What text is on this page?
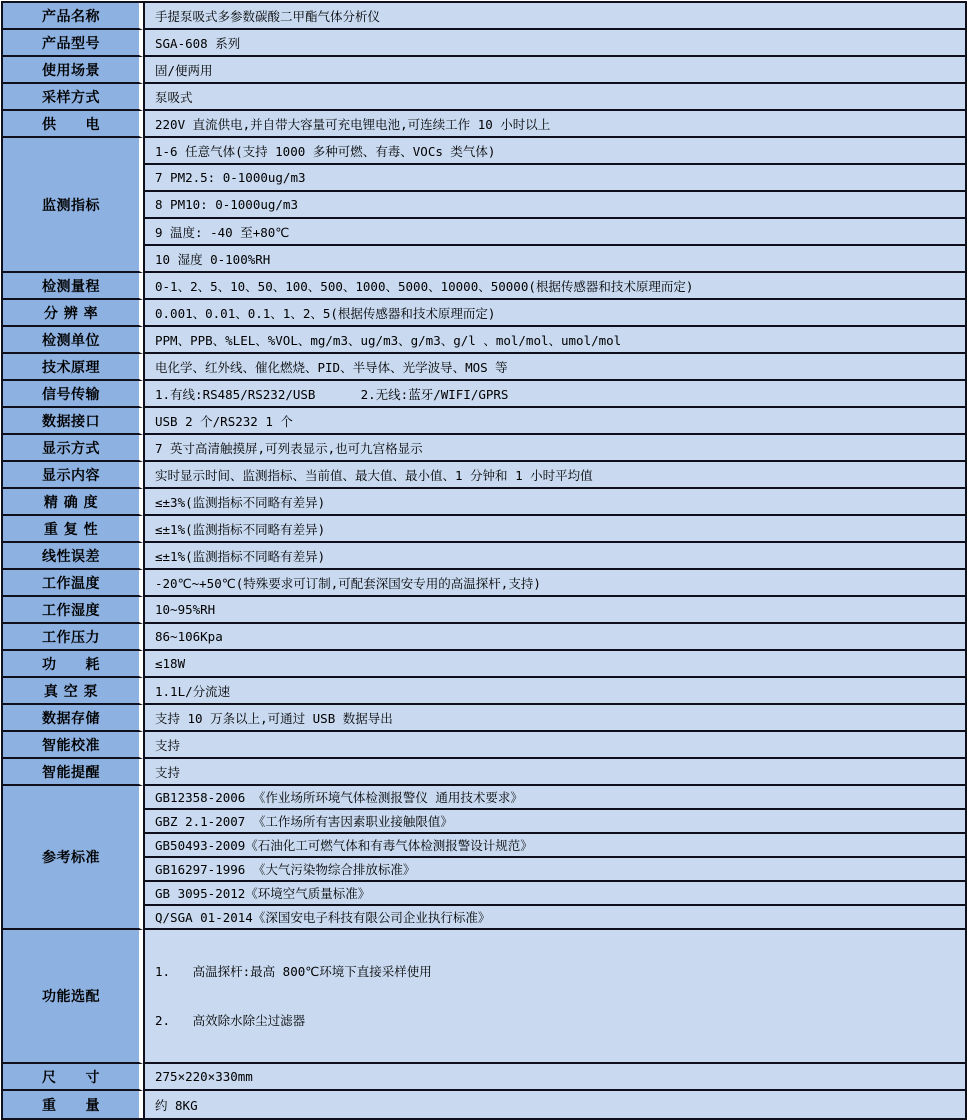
产品名称	手提泵吸式多参数碳酸二甲酯气体分析仪
产品型号	SGA-608 系列
使用场景	固/便两用
采样方式	泵吸式
供　　电	220V 直流供电,并自带大容量可充电锂电池,可连续工作 10 小时以上
监测指标	1-6 任意气体(支持 1000 多种可燃、有毒、VOCs 类气体)
	7 PM2.5: 0-1000ug/m3
	8 PM10: 0-1000ug/m3
	9 温度: -40 至+80℃
	10 湿度 0-100%RH
检测量程	0-1、2、5、10、50、100、500、1000、5000、10000、50000(根据传感器和技术原理而定)
分 辨 率	0.001、0.01、0.1、1、2、5(根据传感器和技术原理而定)
检测单位	PPM、PPB、%LEL、%VOL、mg/m3、ug/m3、g/m3、g/l 、mol/mol、umol/mol
技术原理	电化学、红外线、催化燃烧、PID、半导体、光学波导、MOS 等
信号传输	1.有线:RS485/RS232/USB      2.无线:蓝牙/WIFI/GPRS
数据接口	USB 2 个/RS232 1 个
显示方式	7 英寸高清触摸屏,可列表显示,也可九宫格显示
显示内容	实时显示时间、监测指标、当前值、最大值、最小值、1 分钟和 1 小时平均值
精 确 度	≤±3%(监测指标不同略有差异)
重 复 性	≤±1%(监测指标不同略有差异)
线性误差	≤±1%(监测指标不同略有差异)
工作温度	-20℃~+50℃(特殊要求可订制,可配套深国安专用的高温探杆,支持)
工作湿度	10~95%RH
工作压力	86~106Kpa
功　　耗	≤18W
真 空 泵	1.1L/分流速
数据存储	支持 10 万条以上,可通过 USB 数据导出
智能校准	支持
智能提醒	支持
参考标准	GB12358-2006 《作业场所环境气体检测报警仪 通用技术要求》
	GBZ 2.1-2007 《工作场所有害因素职业接触限值》
	GB50493-2009《石油化工可燃气体和有毒气体检测报警设计规范》
	GB16297-1996 《大气污染物综合排放标准》
	GB 3095-2012《环境空气质量标准》
	Q/SGA 01-2014《深国安电子科技有限公司企业执行标准》
功能选配	1.   高温探杆:最高 800℃环境下直接采样使用

2.   高效除水除尘过滤器

尺　　寸	275×220×330mm
重　　量	约 8KG
